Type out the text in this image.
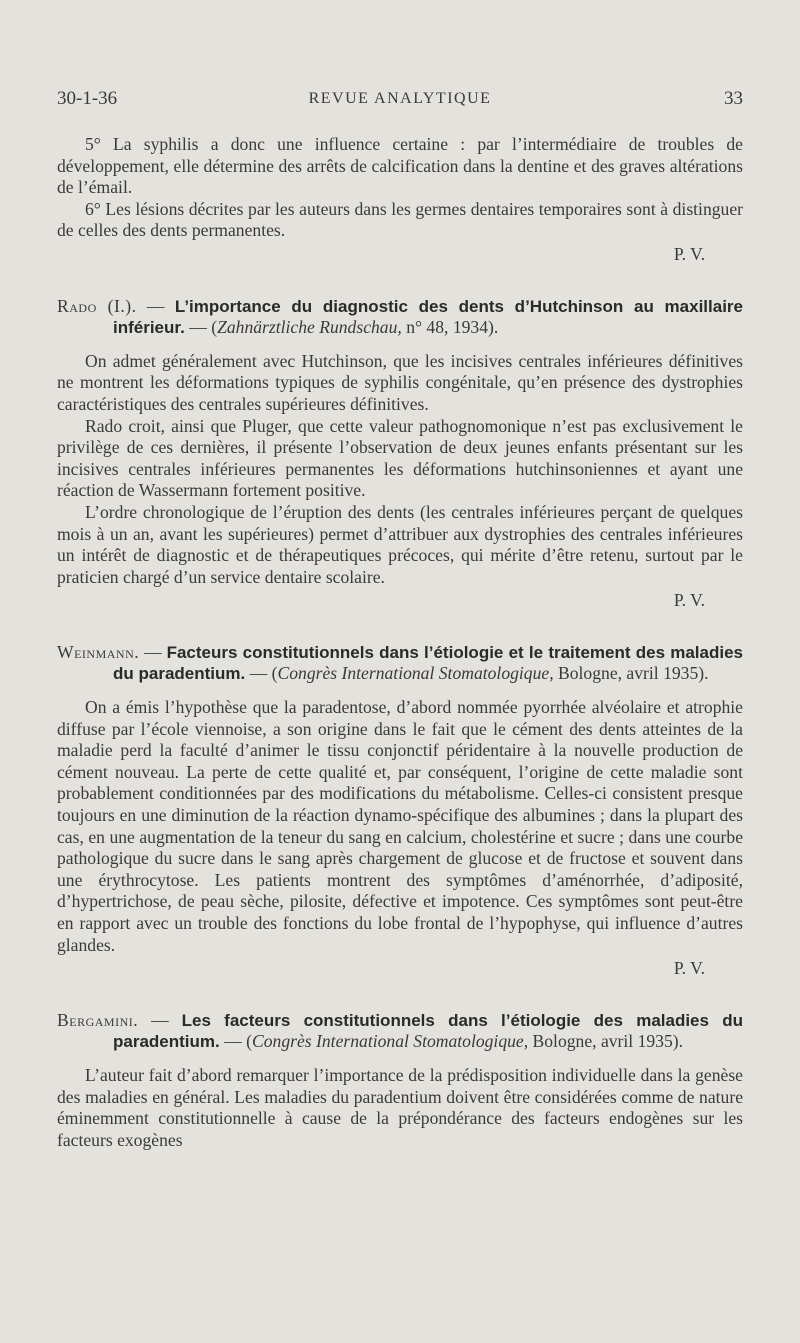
30-1-36	REVUE ANALYTIQUE	33

5° La syphilis a donc une influence certaine : par l’intermédiaire de troubles de développement, elle détermine des arrêts de calcification dans la dentine et des graves altérations de l’émail.

6° Les lésions décrites par les auteurs dans les germes dentaires temporaires sont à distinguer de celles des dents permanentes.

P. V.

Rado (I.). — L’importance du diagnostic des dents d’Hutchinson au maxillaire inférieur. — (Zahnärztliche Rundschau, n° 48, 1934).

On admet généralement avec Hutchinson, que les incisives centrales inférieures définitives ne montrent les déformations typiques de syphilis congénitale, qu’en présence des dystrophies caractéristiques des centrales supérieures définitives.

Rado croit, ainsi que Pluger, que cette valeur pathognomonique n’est pas exclusivement le privilège de ces dernières, il présente l’observation de deux jeunes enfants présentant sur les incisives centrales inférieures permanentes les déformations hutchinsoniennes et ayant une réaction de Wassermann fortement positive.

L’ordre chronologique de l’éruption des dents (les centrales inférieures perçant de quelques mois à un an, avant les supérieures) permet d’attribuer aux dystrophies des centrales inférieures un intérêt de diagnostic et de thérapeutiques précoces, qui mérite d’être retenu, surtout par le praticien chargé d’un service dentaire scolaire.

P. V.

Weinmann. — Facteurs constitutionnels dans l’étiologie et le traitement des maladies du paradentium. — (Congrès International Stomatologique, Bologne, avril 1935).

On a émis l’hypothèse que la paradentose, d’abord nommée pyorrhée alvéolaire et atrophie diffuse par l’école viennoise, a son origine dans le fait que le cément des dents atteintes de la maladie perd la faculté d’animer le tissu conjonctif péridentaire à la nouvelle production de cément nouveau. La perte de cette qualité et, par conséquent, l’origine de cette maladie sont probablement conditionnées par des modifications du métabolisme. Celles-ci consistent presque toujours en une diminution de la réaction dynamo-spécifique des albumines ; dans la plupart des cas, en une augmentation de la teneur du sang en calcium, cholestérine et sucre ; dans une courbe pathologique du sucre dans le sang après chargement de glucose et de fructose et souvent dans une érythrocytose. Les patients montrent des symptômes d’aménorrhée, d’adiposité, d’hypertrichose, de peau sèche, pilosite, défective et impotence. Ces symptômes sont peut-être en rapport avec un trouble des fonctions du lobe frontal de l’hypophyse, qui influence d’autres glandes.

P. V.

Bergamini. — Les facteurs constitutionnels dans l’étiologie des maladies du paradentium. — (Congrès International Stomatologique, Bologne, avril 1935).

L’auteur fait d’abord remarquer l’importance de la prédisposition individuelle dans la genèse des maladies en général. Les maladies du paradentium doivent être considérées comme de nature éminemment constitutionnelle à cause de la prépondérance des facteurs endogènes sur les facteurs exogènes
